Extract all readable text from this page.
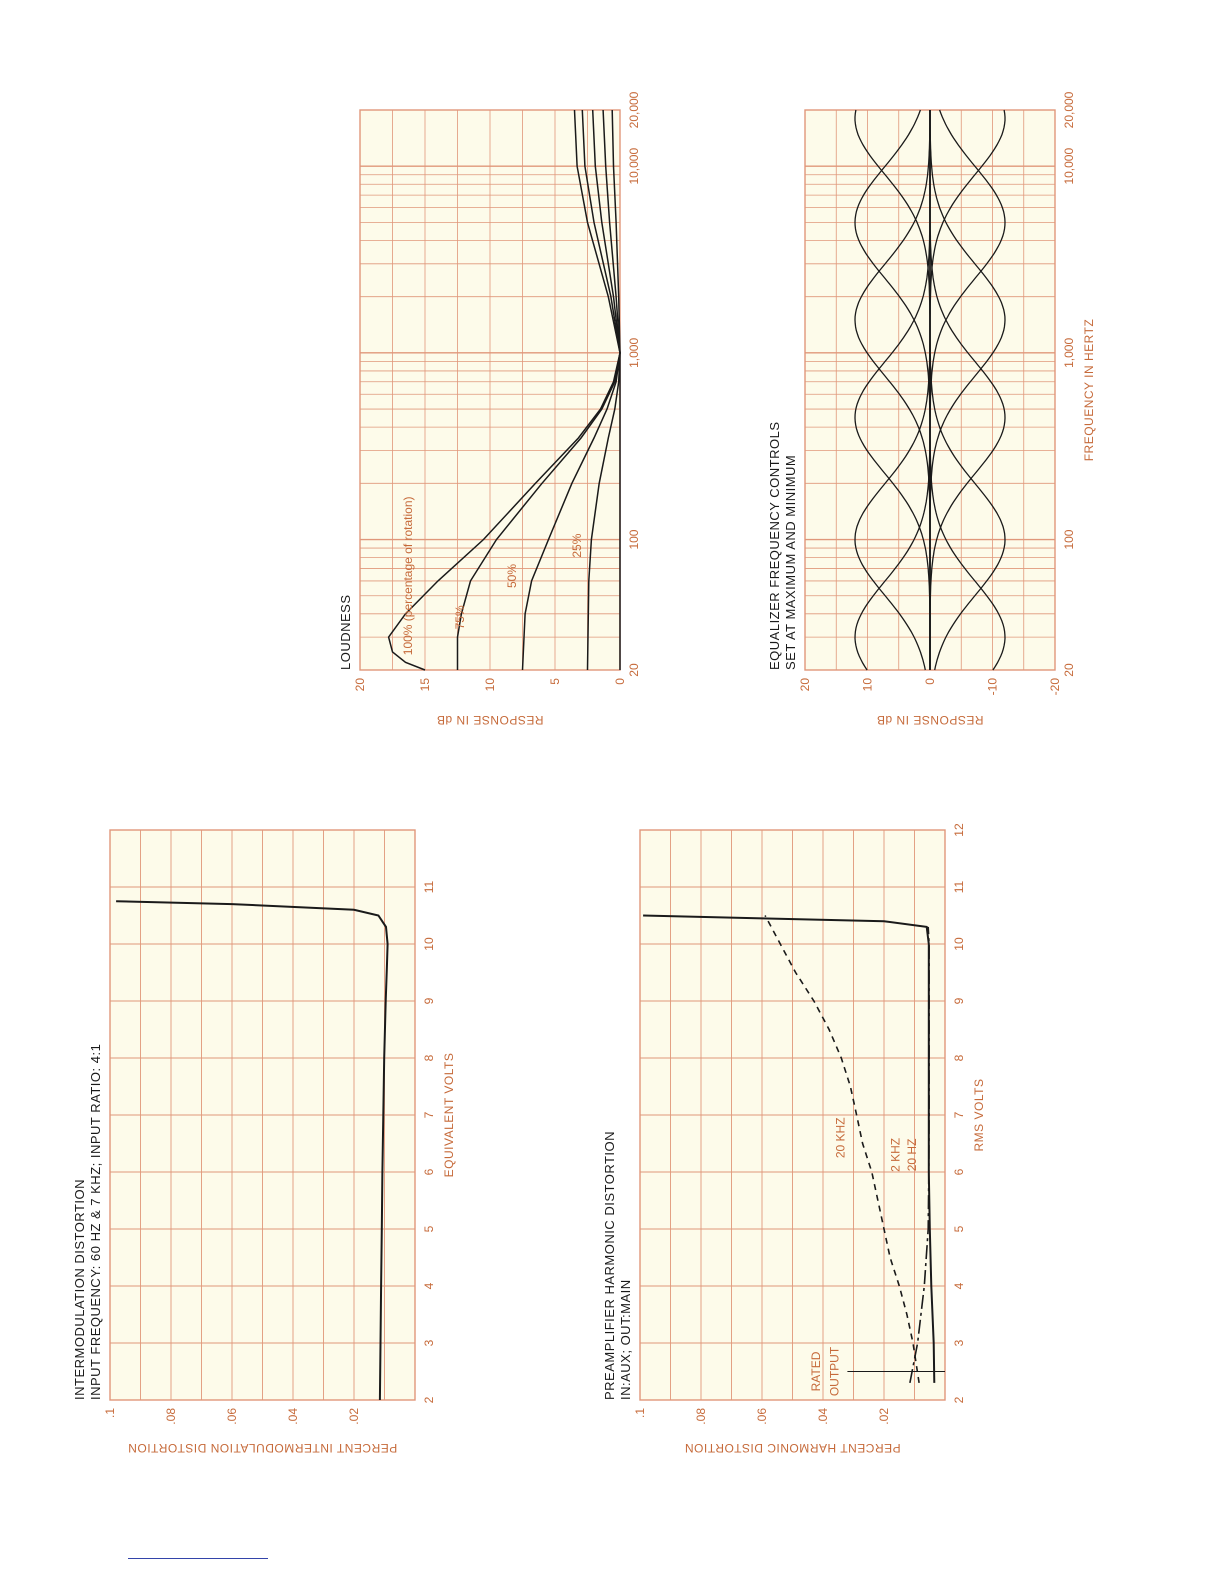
2
3
4
5
6
7
8
9
10
11
.02
.04
.06
.08
.1
INTERMODULATION DISTORTION INPUT FREQUENCY: 60 HZ & 7 KHZ; INPUT RATIO: 4:1	EQUIVALENT VOLTS
PERCENT INTERMODULATION DISTORTION
2
3
4
5
6
7
8
9
10
11
12
.02
.04
.06
.08
.1
PREAMPLIFIER HARMONIC DISTORTION IN:AUX; OUT:MAIN
RMS VOLTS
PERCENT HARMONIC DISTORTION
RATED OUTPUT
20 KHZ	2 KHZ 20 HZ
20
100
1,000
10,000
20,000
0
5
10
15
20
LOUDNESS
RESPONSE IN dB
100% (percentage of rotation)	75%
50%
25%
20
100
1,000
10,000
20,000
-20
-10
0
10
20
EQUALIZER FREQUENCY CONTROLS SET AT MAXIMUM AND MINIMUM
FREQUENCY IN HERTZ
RESPONSE IN dB
